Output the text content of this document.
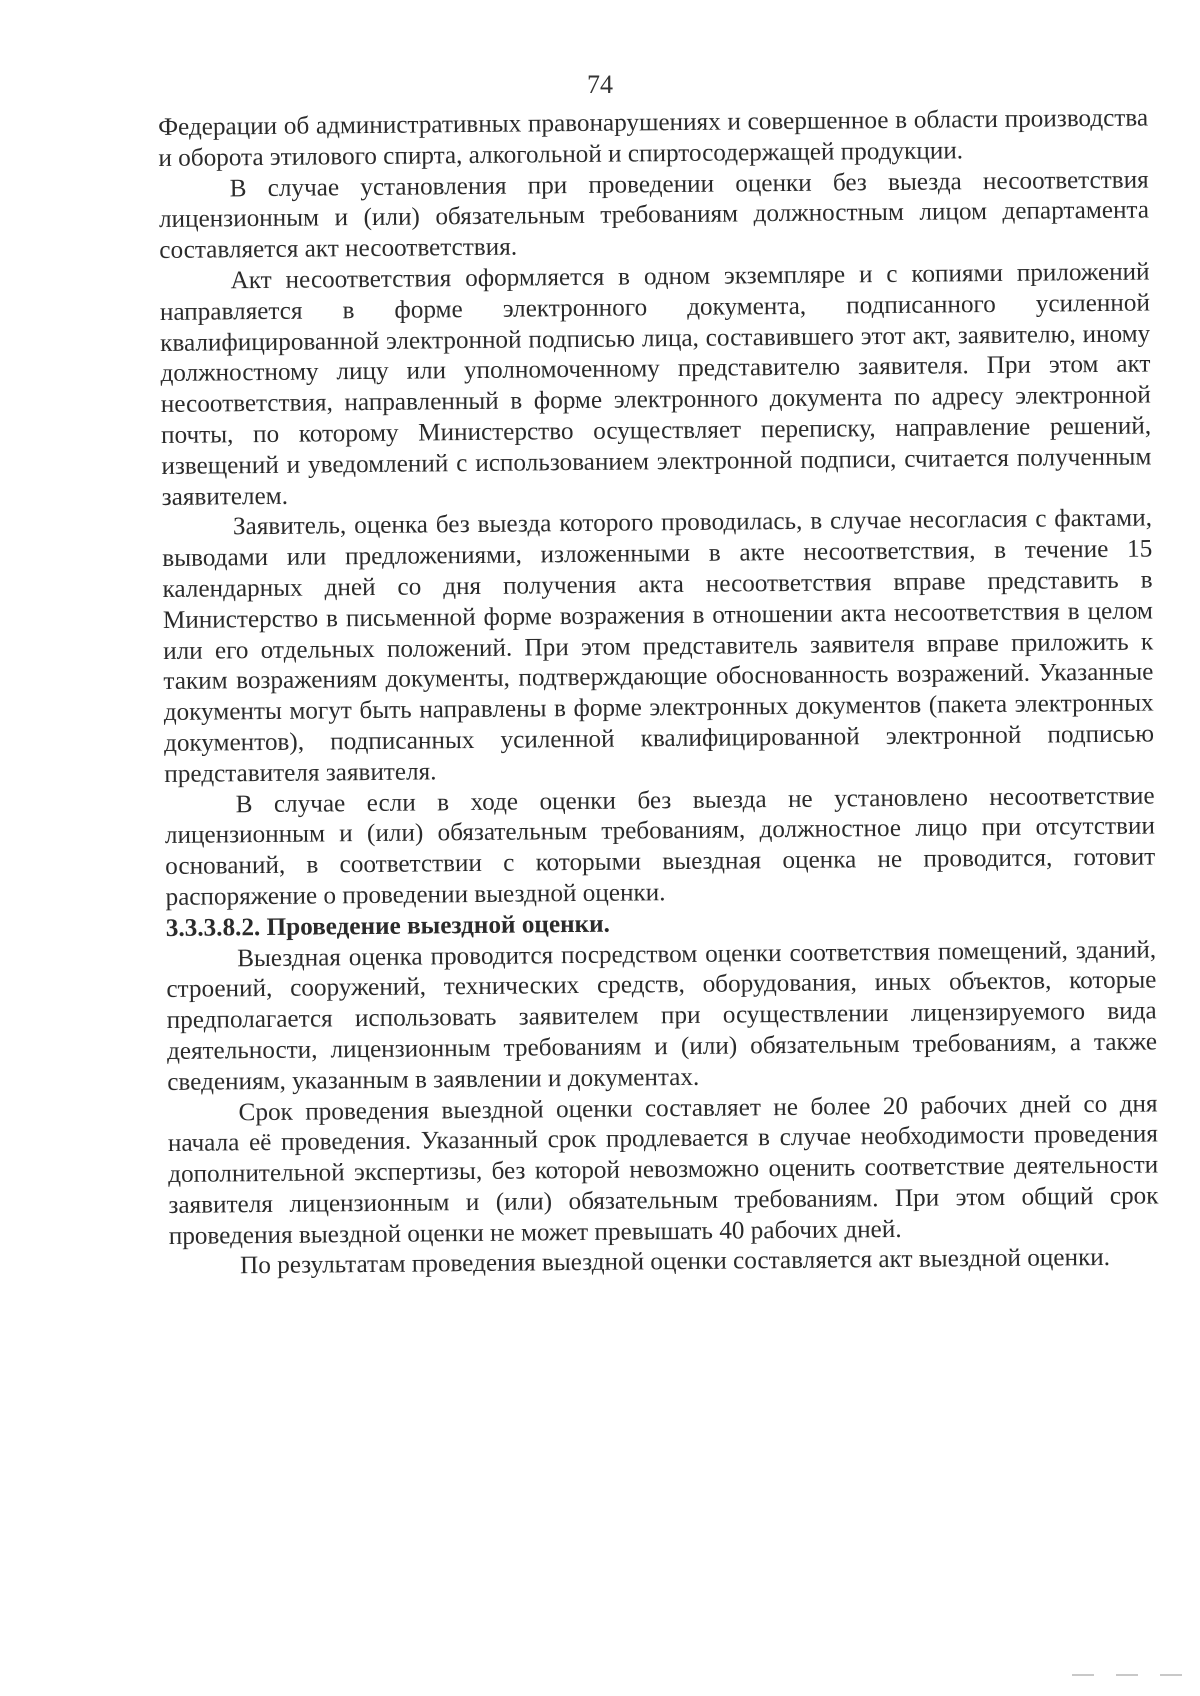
74

Федерации об административных правонарушениях и совершенное в области производства и оборота этилового спирта, алкогольной и спиртосодержащей продукции.

В случае установления при проведении оценки без выезда несоответствия лицензионным и (или) обязательным требованиям должностным лицом департамента составляется акт несоответствия.

Акт несоответствия оформляется в одном экземпляре и с копиями приложений направляется в форме электронного документа, подписанного усиленной квалифицированной электронной подписью лица, составившего этот акт, заявителю, иному должностному лицу или уполномоченному представителю заявителя. При этом акт несоответствия, направленный в форме электронного документа по адресу электронной почты, по которому Министерство осуществляет переписку, направление решений, извещений и уведомлений с использованием электронной подписи, считается полученным заявителем.

Заявитель, оценка без выезда которого проводилась, в случае несогласия с фактами, выводами или предложениями, изложенными в акте несоответствия, в течение 15 календарных дней со дня получения акта несоответствия вправе представить в Министерство в письменной форме возражения в отношении акта несоответствия в целом или его отдельных положений. При этом представитель заявителя вправе приложить к таким возражениям документы, подтверждающие обоснованность возражений. Указанные документы могут быть направлены в форме электронных документов (пакета электронных документов), подписанных усиленной квалифицированной электронной подписью представителя заявителя.

В случае если в ходе оценки без выезда не установлено несоответствие лицензионным и (или) обязательным требованиям, должностное лицо при отсутствии оснований, в соответствии с которыми выездная оценка не проводится, готовит распоряжение о проведении выездной оценки.

3.3.3.8.2. Проведение выездной оценки.

Выездная оценка проводится посредством оценки соответствия помещений, зданий, строений, сооружений, технических средств, оборудования, иных объектов, которые предполагается использовать заявителем при осуществлении лицензируемого вида деятельности, лицензионным требованиям и (или) обязательным требованиям, а также сведениям, указанным в заявлении и документах.

Срок проведения выездной оценки составляет не более 20 рабочих дней со дня начала её проведения. Указанный срок продлевается в случае необходимости проведения дополнительной экспертизы, без которой невозможно оценить соответствие деятельности заявителя лицензионным и (или) обязательным требованиям. При этом общий срок проведения выездной оценки не может превышать 40 рабочих дней.

По результатам проведения выездной оценки составляется акт выездной оценки.
